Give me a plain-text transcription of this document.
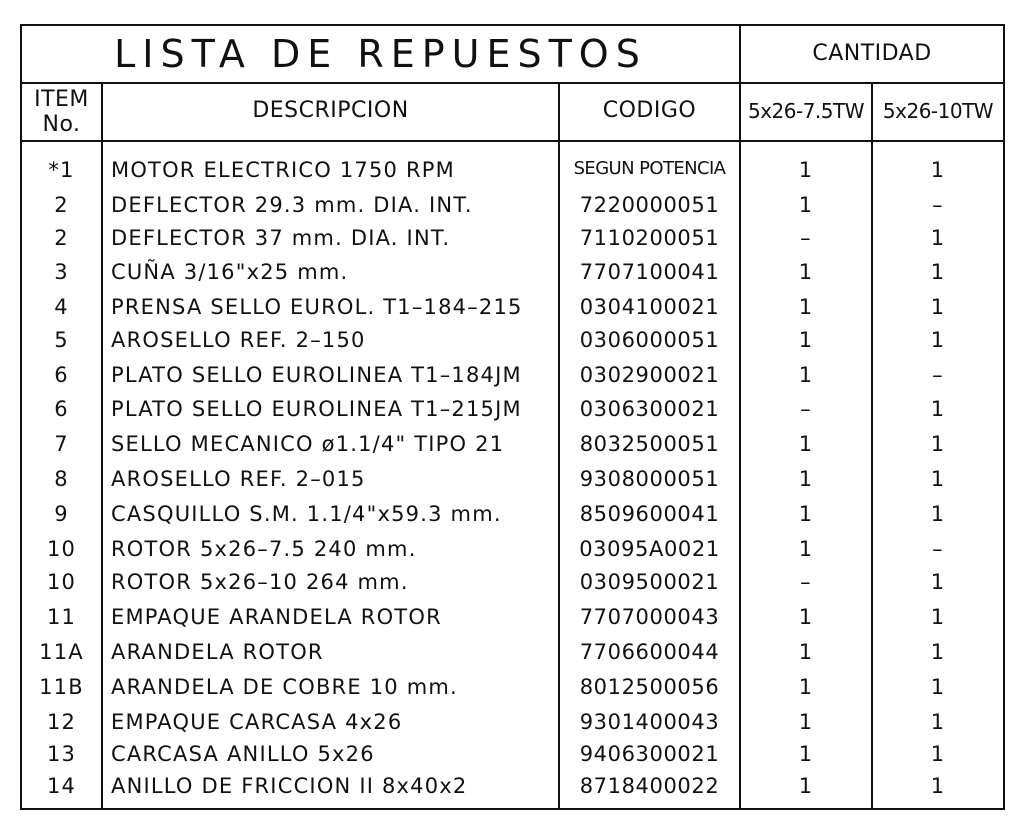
LISTA DE REPUESTOS	CANTIDAD
ITEM
No.
DESCRIPCION	CODIGO	5x26-7.5TW 5x26-10TW
*1	MOTOR ELECTRICO 1750 RPM	SEGUN POTENCIA	1	1
2	DEFLECTOR 29.3 mm. DIA. INT.	7220000051	1	–
2	DEFLECTOR 37 mm. DIA. INT.	7110200051	–	1
3	CUÑA 3/16"x25 mm.	7707100041	1	1
4	PRENSA SELLO EUROL. T1–184–215	0304100021	1	1
5	AROSELLO REF. 2–150	0306000051	1	1
6	PLATO SELLO EUROLINEA T1–184JM	0302900021	1	–
6	PLATO SELLO EUROLINEA T1–215JM	0306300021	–	1
7	SELLO MECANICO ø1.1/4" TIPO 21	8032500051	1	1
8	AROSELLO REF. 2–015	9308000051	1	1
9	CASQUILLO S.M. 1.1/4"x59.3 mm.	8509600041	1	1
10	ROTOR 5x26–7.5 240 mm.	03095A0021	1	–
10	ROTOR 5x26–10 264 mm.	0309500021	–	1
11	EMPAQUE ARANDELA ROTOR	7707000043	1	1
11A	ARANDELA ROTOR	7706600044	1	1
11B	ARANDELA DE COBRE 10 mm.	8012500056	1	1
12	EMPAQUE CARCASA 4x26	9301400043	1	1
13	CARCASA ANILLO 5x26	9406300021	1	1
14	ANILLO DE FRICCION II 8x40x2	8718400022	1	1
